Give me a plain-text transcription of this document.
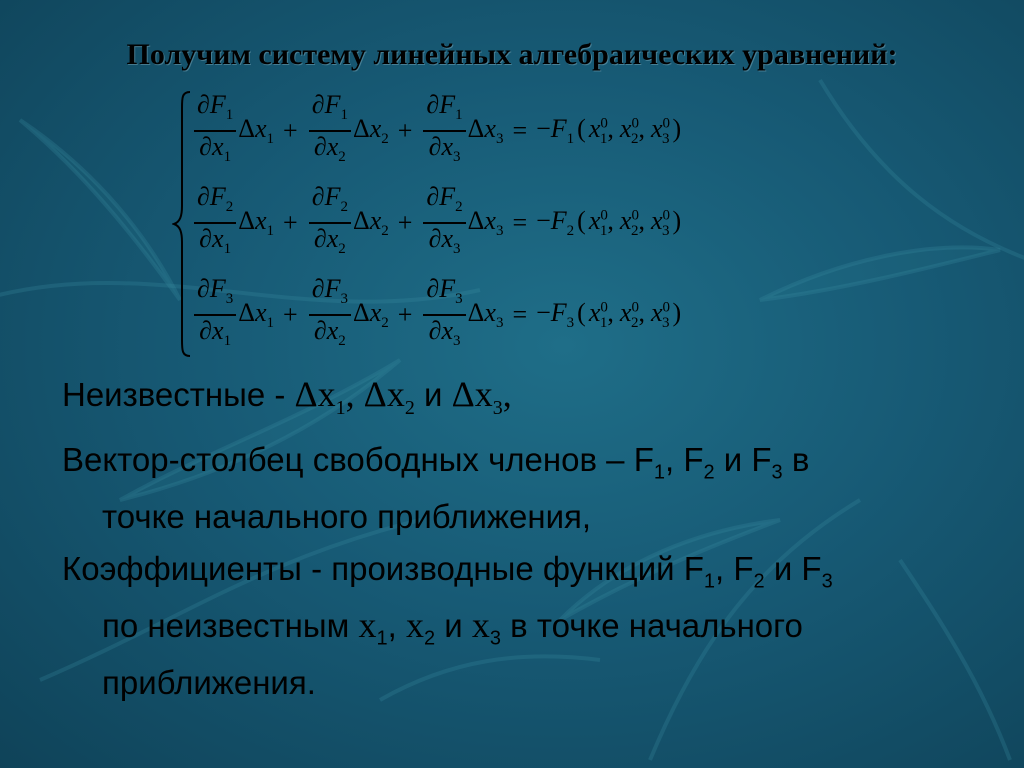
Получим систему линейных алгебраических уравнений:
$\frac{\partial F_1}{\partial x_1} \Delta x_1 + \frac{\partial F_1}{\partial x_2} \Delta x_2 + \frac{\partial F_1}{\partial x_3} \Delta x_3 = -F_1$ ( $x^0_1$, $x^0_2$, $x^0_3$ )
$\frac{\partial F_2}{\partial x_1} \Delta x_1 + \frac{\partial F_2}{\partial x_2} \Delta x_2 + \frac{\partial F_2}{\partial x_3} \Delta x_3 = -F_2$ ( $x^0_1$, $x^0_2$, $x^0_3$ )
$\frac{\partial F_3}{\partial x_1} \Delta x_1 + \frac{\partial F_3}{\partial x_2} \Delta x_2 + \frac{\partial F_3}{\partial x_3} \Delta x_3 = -F_3$ ( $x^0_1$, $x^0_2$, $x^0_3$ )
Неизвестные - $\Delta x_1$, $\Delta x_2$ и $\Delta x_3$,
Вектор-столбец свободных членов – $F_1$, $F_2$ и $F_3$ в
точке начального приближения,
Коэффициенты - производные функций $F_1$, $F_2$ и $F_3$
по неизвестным $x_1$, $x_2$ и $x_3$ в точке начального
приближения.
